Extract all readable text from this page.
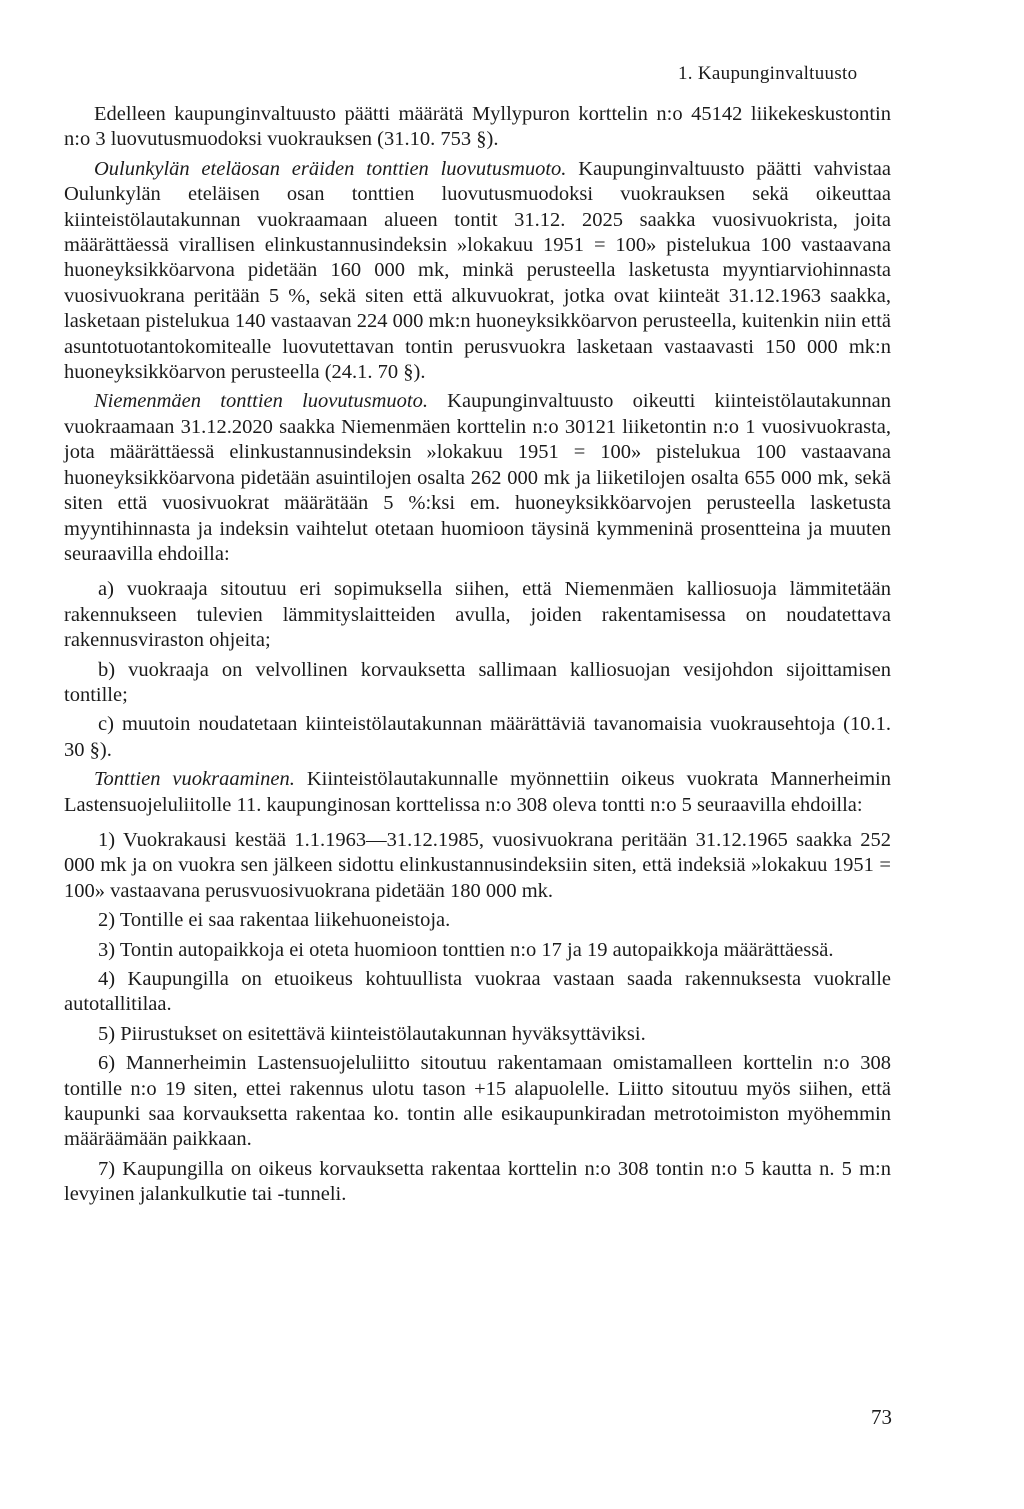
1. Kaupunginvaltuusto

Edelleen kaupunginvaltuusto päätti määrätä Myllypuron korttelin n:o 45142 liikekeskustontin n:o 3 luovutusmuodoksi vuokrauksen (31.10. 753 §).

Oulunkylän eteläosan eräiden tonttien luovutusmuoto. Kaupunginvaltuusto päätti vahvistaa Oulunkylän eteläisen osan tonttien luovutusmuodoksi vuokrauksen sekä oikeuttaa kiinteistölautakunnan vuokraamaan alueen tontit 31.12. 2025 saakka vuosivuokrista, joita määrättäessä virallisen elinkustannusindeksin »lokakuu 1951 = 100» pistelukua 100 vastaavana huoneyksikköarvona pidetään 160 000 mk, minkä perusteella lasketusta myyntiarviohinnasta vuosivuokrana peritään 5 %, sekä siten että alkuvuokrat, jotka ovat kiinteät 31.12.1963 saakka, lasketaan pistelukua 140 vastaavan 224 000 mk:n huoneyksikköarvon perusteella, kuitenkin niin että asuntotuotantokomitealle luovutettavan tontin perusvuokra lasketaan vastaavasti 150 000 mk:n huoneyksikköarvon perusteella (24.1. 70 §).

Niemenmäen tonttien luovutusmuoto. Kaupunginvaltuusto oikeutti kiinteistölautakunnan vuokraamaan 31.12.2020 saakka Niemenmäen korttelin n:o 30121 liiketontin n:o 1 vuosivuokrasta, jota määrättäessä elinkustannusindeksin »lokakuu 1951 = 100» pistelukua 100 vastaavana huoneyksikköarvona pidetään asuintilojen osalta 262 000 mk ja liiketilojen osalta 655 000 mk, sekä siten että vuosivuokrat määrätään 5 %:ksi em. huoneyksikköarvojen perusteella lasketusta myyntihinnasta ja indeksin vaihtelut otetaan huomioon täysinä kymmeninä prosentteina ja muuten seuraavilla ehdoilla:

a) vuokraaja sitoutuu eri sopimuksella siihen, että Niemenmäen kalliosuoja lämmitetään rakennukseen tulevien lämmityslaitteiden avulla, joiden rakentamisessa on noudatettava rakennusviraston ohjeita;

b) vuokraaja on velvollinen korvauksetta sallimaan kalliosuojan vesijohdon sijoittamisen tontille;

c) muutoin noudatetaan kiinteistölautakunnan määrättäviä tavanomaisia vuokrausehtoja (10.1. 30 §).

Tonttien vuokraaminen. Kiinteistölautakunnalle myönnettiin oikeus vuokrata Mannerheimin Lastensuojeluliitolle 11. kaupunginosan korttelissa n:o 308 oleva tontti n:o 5 seuraavilla ehdoilla:

1) Vuokrakausi kestää 1.1.1963—31.12.1985, vuosivuokrana peritään 31.12.1965 saakka 252 000 mk ja on vuokra sen jälkeen sidottu elinkustannusindeksiin siten, että indeksiä »lokakuu 1951 = 100» vastaavana perusvuosivuokrana pidetään 180 000 mk.

2) Tontille ei saa rakentaa liikehuoneistoja.

3) Tontin autopaikkoja ei oteta huomioon tonttien n:o 17 ja 19 autopaikkoja määrättäessä.

4) Kaupungilla on etuoikeus kohtuullista vuokraa vastaan saada rakennuksesta vuokralle autotallitilaa.

5) Piirustukset on esitettävä kiinteistölautakunnan hyväksyttäviksi.

6) Mannerheimin Lastensuojeluliitto sitoutuu rakentamaan omistamalleen korttelin n:o 308 tontille n:o 19 siten, ettei rakennus ulotu tason +15 alapuolelle. Liitto sitoutuu myös siihen, että kaupunki saa korvauksetta rakentaa ko. tontin alle esikaupunkiradan metrotoimiston myöhemmin määräämään paikkaan.

7) Kaupungilla on oikeus korvauksetta rakentaa korttelin n:o 308 tontin n:o 5 kautta n. 5 m:n levyinen jalankulkutie tai -tunneli.

73
